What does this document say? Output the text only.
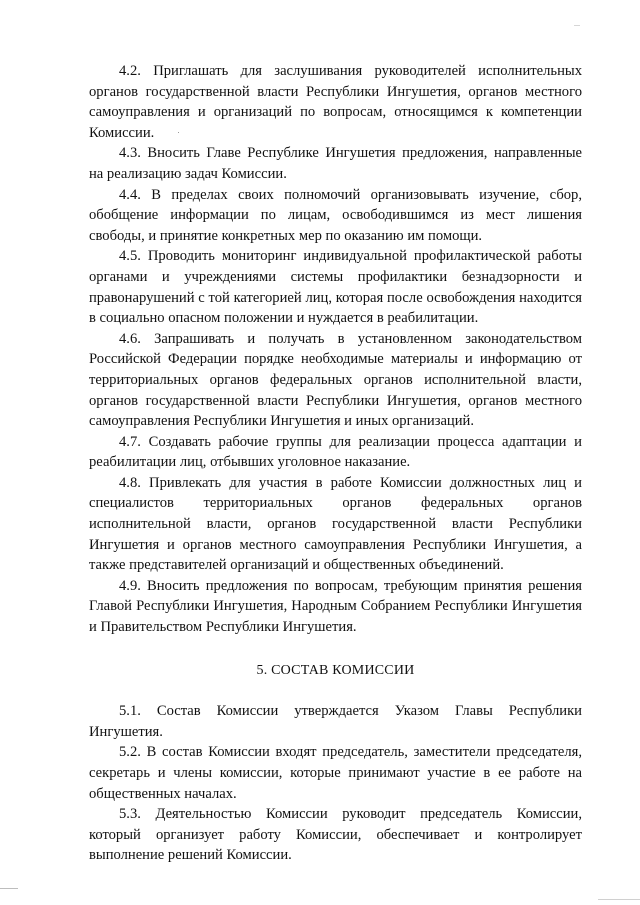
4.2. Приглашать для заслушивания руководителей исполнительных органов государственной власти Республики Ингушетия, органов местного самоуправления и организаций по вопросам, относящимся к компетенции Комиссии.

4.3. Вносить Главе Республике Ингушетия предложения, направленные на реализацию задач Комиссии.

4.4. В пределах своих полномочий организовывать изучение, сбор, обобщение информации по лицам, освободившимся из мест лишения свободы, и принятие конкретных мер по оказанию им помощи.

4.5. Проводить мониторинг индивидуальной профилактической работы органами и учреждениями системы профилактики безнадзорности и правонарушений с той категорией лиц, которая после освобождения находится в социально опасном положении и нуждается в реабилитации.

4.6. Запрашивать и получать в установленном законодательством Российской Федерации порядке необходимые материалы и информацию от территориальных органов федеральных органов исполнительной власти, органов государственной власти Республики Ингушетия, органов местного самоуправления Республики Ингушетия и иных организаций.

4.7. Создавать рабочие группы для реализации процесса адаптации и реабилитации лиц, отбывших уголовное наказание.

4.8. Привлекать для участия в работе Комиссии должностных лиц и специалистов территориальных органов федеральных органов исполнительной власти, органов государственной власти Республики Ингушетия и органов местного самоуправления Республики Ингушетия, а также представителей организаций и общественных объединений.

4.9. Вносить предложения по вопросам, требующим принятия решения Главой Республики Ингушетия, Народным Собранием Республики Ингушетия и Правительством Республики Ингушетия.

5. СОСТАВ КОМИССИИ

5.1. Состав Комиссии утверждается Указом Главы Республики Ингушетия.

5.2. В состав Комиссии входят председатель, заместители председателя, секретарь и члены комиссии, которые принимают участие в ее работе на общественных началах.

5.3. Деятельностью Комиссии руководит председатель Комиссии, который организует работу Комиссии, обеспечивает и контролирует выполнение решений Комиссии.
